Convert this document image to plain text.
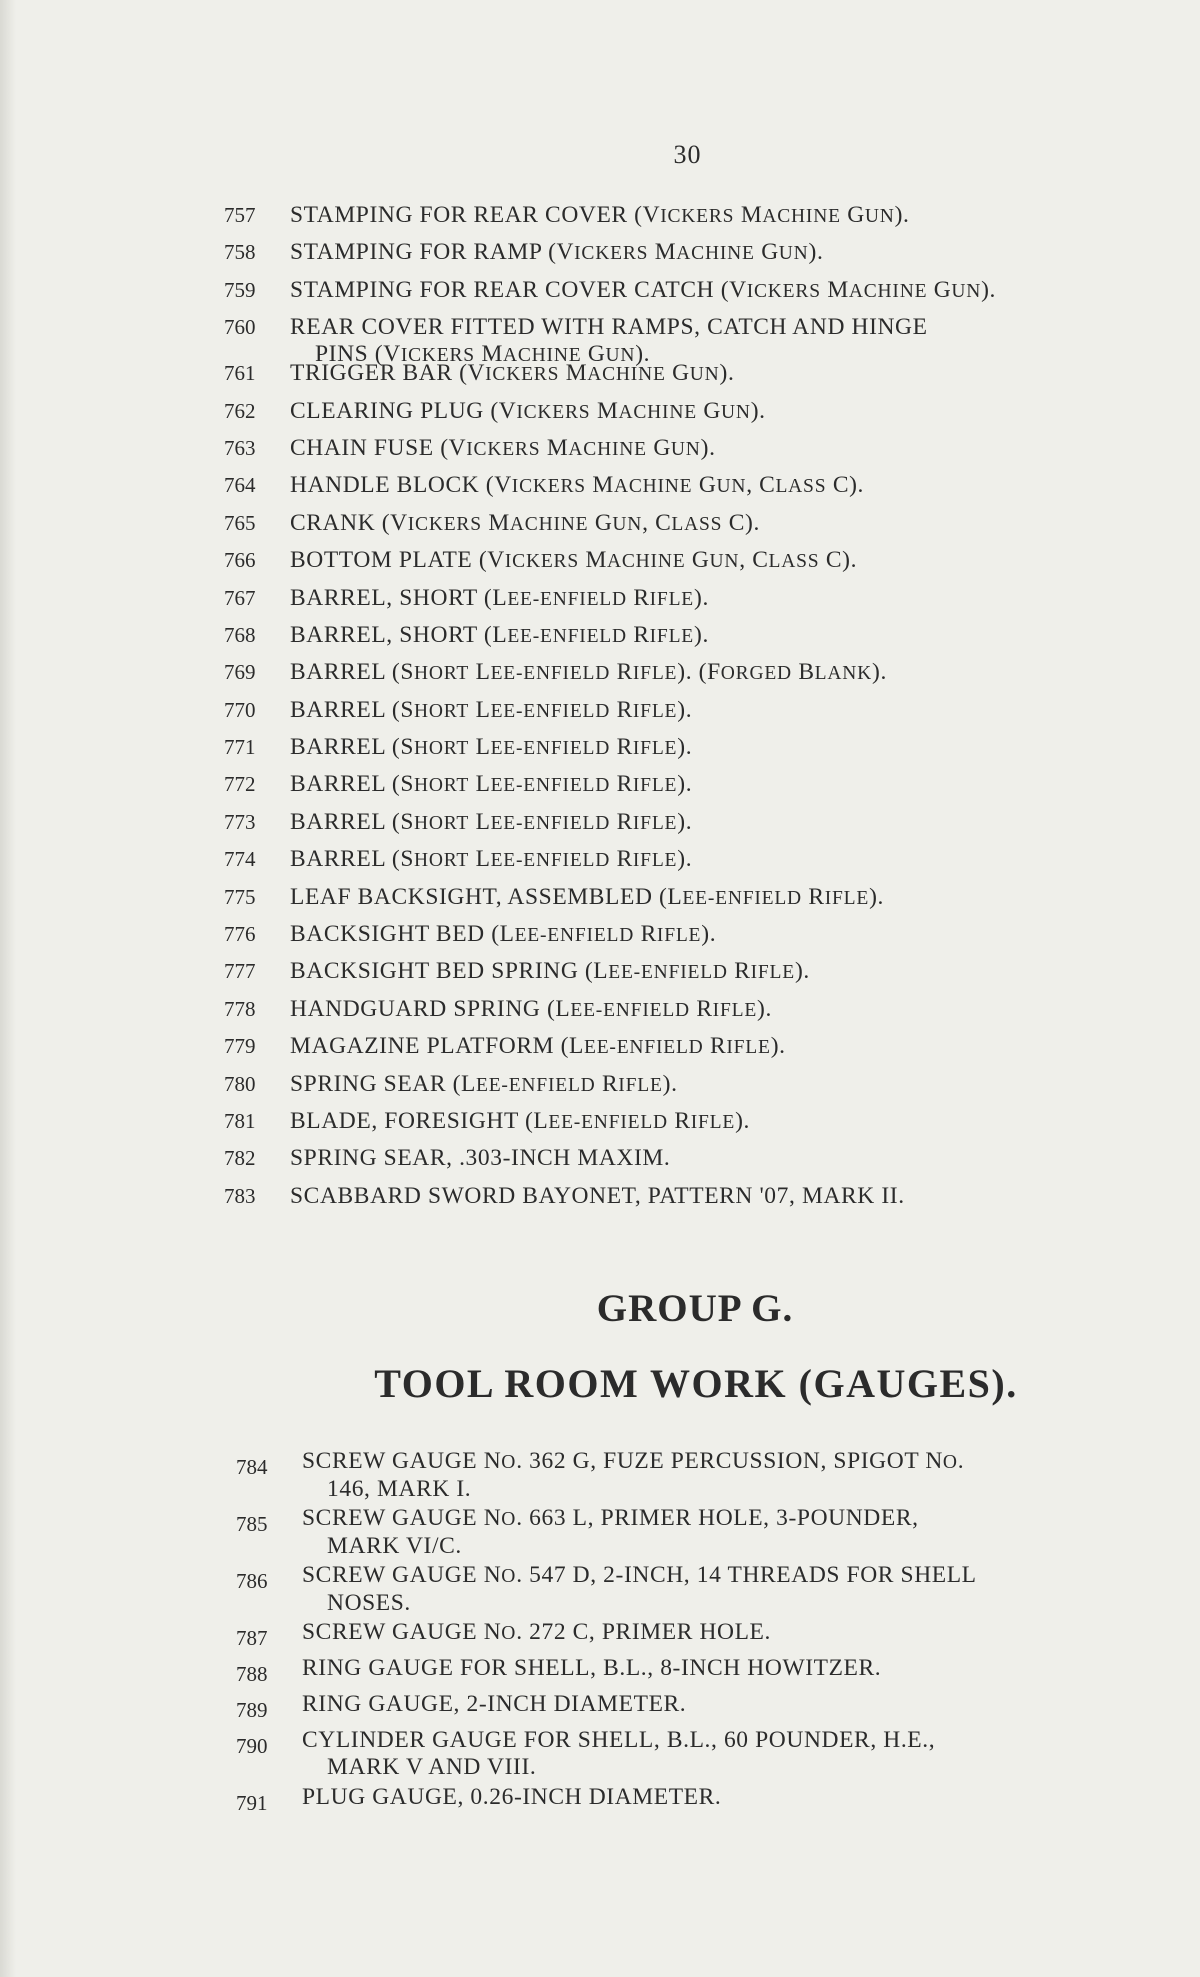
30
757 STAMPING FOR REAR COVER (VICKERS MACHINE GUN).
758 STAMPING FOR RAMP (VICKERS MACHINE GUN).
759 STAMPING FOR REAR COVER CATCH (VICKERS MACHINE GUN).
760 REAR COVER FITTED WITH RAMPS, CATCH AND HINGE
PINS (VICKERS MACHINE GUN).
761 TRIGGER BAR (VICKERS MACHINE GUN).
762 CLEARING PLUG (VICKERS MACHINE GUN).
763 CHAIN FUSE (VICKERS MACHINE GUN).
764 HANDLE BLOCK (VICKERS MACHINE GUN, CLASS C).
765 CRANK (VICKERS MACHINE GUN, CLASS C).
766 BOTTOM PLATE (VICKERS MACHINE GUN, CLASS C).
767 BARREL, SHORT (LEE-ENFIELD RIFLE).
768 BARREL, SHORT (LEE-ENFIELD RIFLE).
769 BARREL (SHORT LEE-ENFIELD RIFLE). (FORGED BLANK).
770 BARREL (SHORT LEE-ENFIELD RIFLE).
771 BARREL (SHORT LEE-ENFIELD RIFLE).
772 BARREL (SHORT LEE-ENFIELD RIFLE).
773 BARREL (SHORT LEE-ENFIELD RIFLE).
774 BARREL (SHORT LEE-ENFIELD RIFLE).
775 LEAF BACKSIGHT, ASSEMBLED (LEE-ENFIELD RIFLE).
776 BACKSIGHT BED (LEE-ENFIELD RIFLE).
777 BACKSIGHT BED SPRING (LEE-ENFIELD RIFLE).
778 HANDGUARD SPRING (LEE-ENFIELD RIFLE).
779 MAGAZINE PLATFORM (LEE-ENFIELD RIFLE).
780 SPRING SEAR (LEE-ENFIELD RIFLE).
781 BLADE, FORESIGHT (LEE-ENFIELD RIFLE).
782 SPRING SEAR, .303-INCH MAXIM.
783 SCABBARD SWORD BAYONET, PATTERN '07, MARK II.
GROUP G.
TOOL ROOM WORK (GAUGES).
784 SCREW GAUGE NO. 362 G, FUZE PERCUSSION, SPIGOT NO.
146, MARK I.
785 SCREW GAUGE NO. 663 L, PRIMER HOLE, 3-POUNDER,
MARK VI/C.
786 SCREW GAUGE NO. 547 D, 2-INCH, 14 THREADS FOR SHELL
NOSES.
787 SCREW GAUGE NO. 272 C, PRIMER HOLE.
788 RING GAUGE FOR SHELL, B.L., 8-INCH HOWITZER.
789 RING GAUGE, 2-INCH DIAMETER.
790 CYLINDER GAUGE FOR SHELL, B.L., 60 POUNDER, H.E.,
MARK V AND VIII.
791 PLUG GAUGE, 0.26-INCH DIAMETER.
